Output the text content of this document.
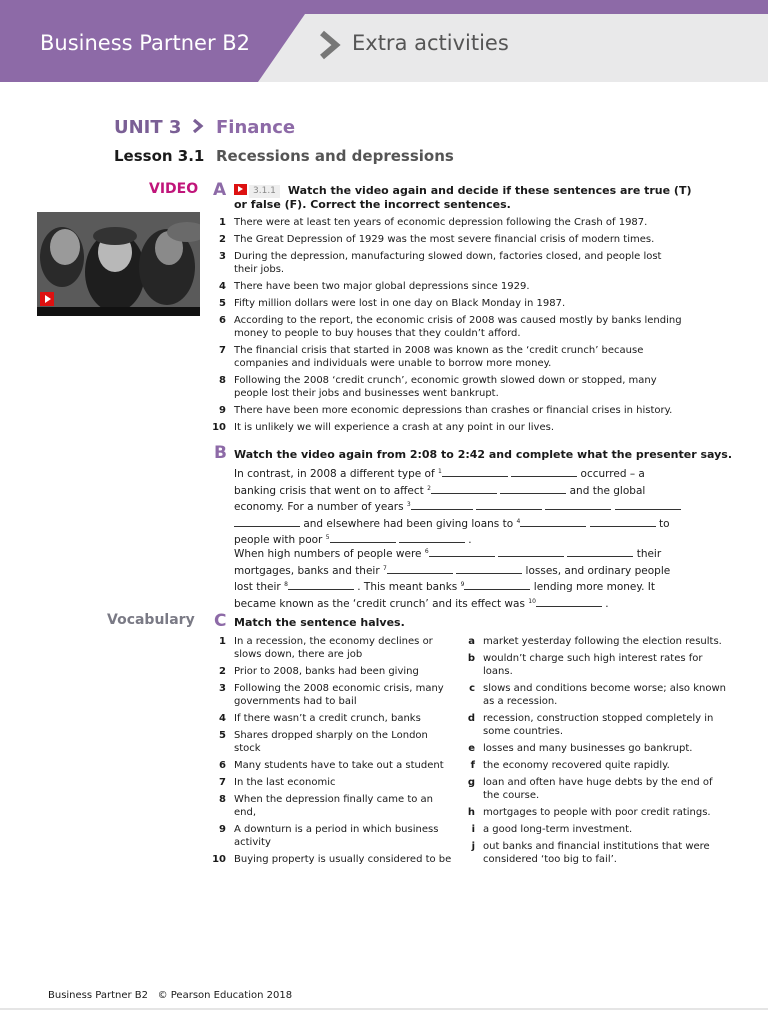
Business Partner B2	Extra activities
UNIT 3	Finance
Lesson 3.1 Recessions and depressions
VIDEO A	3.1.1 Watch the video again and decide if these sentences are true (T) or false (F). Correct the incorrect sentences.
1 There were at least ten years of economic depression following the Crash of 1987.
2 The Great Depression of 1929 was the most severe financial crisis of modern times.
3 During the depression, manufacturing slowed down, factories closed, and people lost their jobs.
4 There have been two major global depressions since 1929.
5 Fifty million dollars were lost in one day on Black Monday in 1987.
6 According to the report, the economic crisis of 2008 was caused mostly by banks lending money to people to buy houses that they couldn’t afford.
7 The financial crisis that started in 2008 was known as the ‘credit crunch’ because companies and individuals were unable to borrow more money.
8 Following the 2008 ‘credit crunch’, economic growth slowed down or stopped, many people lost their jobs and businesses went bankrupt.
9 There have been more economic depressions than crashes or financial crises in history.
10 It is unlikely we will experience a crash at any point in our lives.
B Watch the video again from 2:08 to 2:42 and complete what the presenter says.
In contrast, in 2008 a different type of $^1$	occurred – a banking crisis that went on to affect $^2$	and the global economy. For a number of years $^3$     and elsewhere had been giving loans to $^4$	to people with poor $^5$	.
When high numbers of people were $^6$	their mortgages, banks and their $^7$	losses, and ordinary people lost their $^8$	. This meant banks $^9$	lending more money. It became known as the ‘credit crunch’ and its effect was $^{10}$	.
Vocabulary C Match the sentence halves.
1 In a recession, the economy declines or slows down, there are job
2 Prior to 2008, banks had been giving
3 Following the 2008 economic crisis, many governments had to bail
4 If there wasn’t a credit crunch, banks
5 Shares dropped sharply on the London stock
6 Many students have to take out a student
7 In the last economic
8 When the depression finally came to an end,
9 A downturn is a period in which business activity
10 Buying property is usually considered to be
a market yesterday following the election results.
b wouldn’t charge such high interest rates for loans.
c slows and conditions become worse; also known as a recession.
d recession, construction stopped completely in some countries.
e losses and many businesses go bankrupt.
f the economy recovered quite rapidly.
g loan and often have huge debts by the end of the course.
h mortgages to people with poor credit ratings.
i a good long-term investment.
j out banks and financial institutions that were considered ‘too big to fail’.
Business Partner B2 © Pearson Education 2018
